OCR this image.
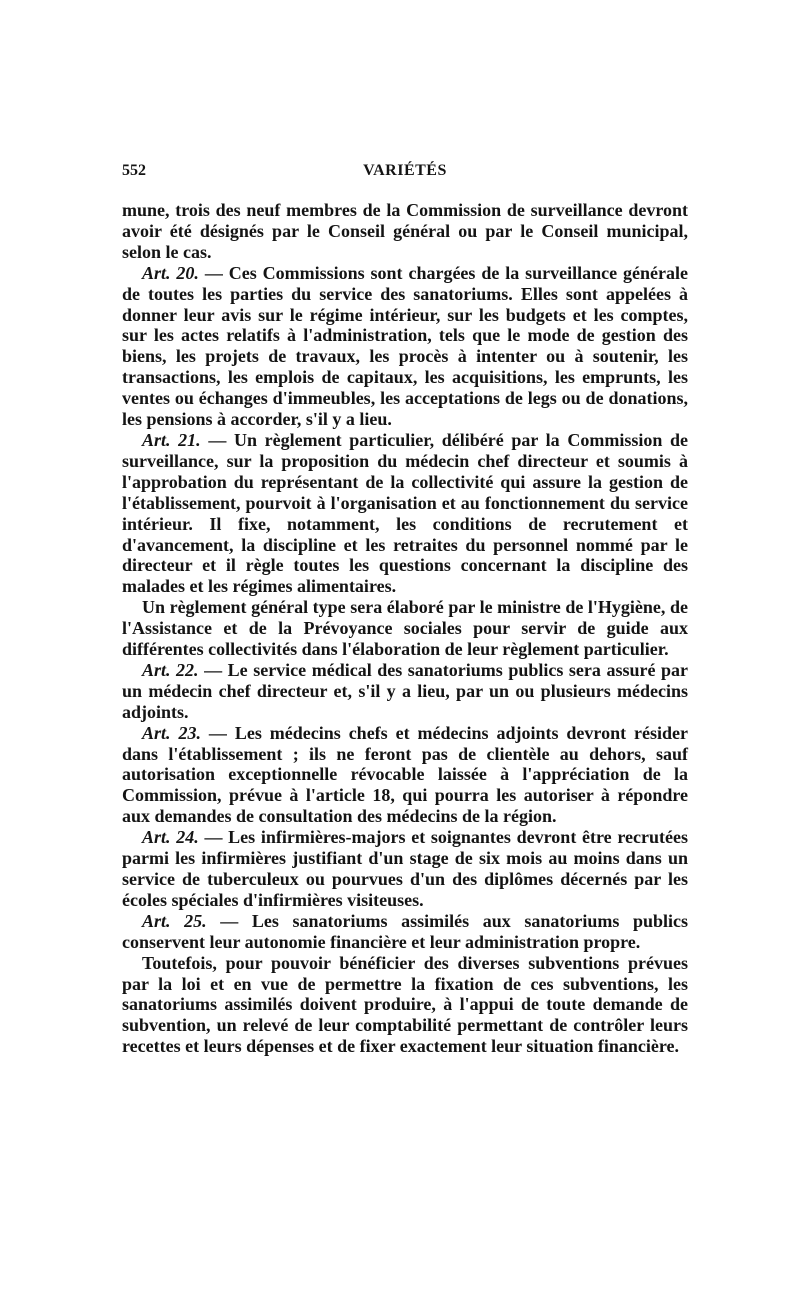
552	VARIÉTÉS

mune, trois des neuf membres de la Commission de surveillance devront avoir été désignés par le Conseil général ou par le Conseil municipal, selon le cas.

Art. 20. — Ces Commissions sont chargées de la surveillance générale de toutes les parties du service des sanatoriums. Elles sont appelées à donner leur avis sur le régime intérieur, sur les budgets et les comptes, sur les actes relatifs à l'administration, tels que le mode de gestion des biens, les projets de travaux, les procès à intenter ou à soutenir, les transactions, les emplois de capitaux, les acquisitions, les emprunts, les ventes ou échanges d'immeubles, les acceptations de legs ou de donations, les pensions à accorder, s'il y a lieu.

Art. 21. — Un règlement particulier, délibéré par la Commission de surveillance, sur la proposition du médecin chef directeur et soumis à l'approbation du représentant de la collectivité qui assure la gestion de l'établissement, pourvoit à l'organisation et au fonctionnement du service intérieur. Il fixe, notamment, les conditions de recrutement et d'avancement, la discipline et les retraites du personnel nommé par le directeur et il règle toutes les questions concernant la discipline des malades et les régimes alimentaires.

Un règlement général type sera élaboré par le ministre de l'Hygiène, de l'Assistance et de la Prévoyance sociales pour servir de guide aux différentes collectivités dans l'élaboration de leur règlement particulier.

Art. 22. — Le service médical des sanatoriums publics sera assuré par un médecin chef directeur et, s'il y a lieu, par un ou plusieurs médecins adjoints.

Art. 23. — Les médecins chefs et médecins adjoints devront résider dans l'établissement ; ils ne feront pas de clientèle au dehors, sauf autorisation exceptionnelle révocable laissée à l'appréciation de la Commission, prévue à l'article 18, qui pourra les autoriser à répondre aux demandes de consultation des médecins de la région.

Art. 24. — Les infirmières-majors et soignantes devront être recrutées parmi les infirmières justifiant d'un stage de six mois au moins dans un service de tuberculeux ou pourvues d'un des diplômes décernés par les écoles spéciales d'infirmières visiteuses.

Art. 25. — Les sanatoriums assimilés aux sanatoriums publics conservent leur autonomie financière et leur administration propre.

Toutefois, pour pouvoir bénéficier des diverses subventions prévues par la loi et en vue de permettre la fixation de ces subventions, les sanatoriums assimilés doivent produire, à l'appui de toute demande de subvention, un relevé de leur comptabilité permettant de contrôler leurs recettes et leurs dépenses et de fixer exactement leur situation financière.
